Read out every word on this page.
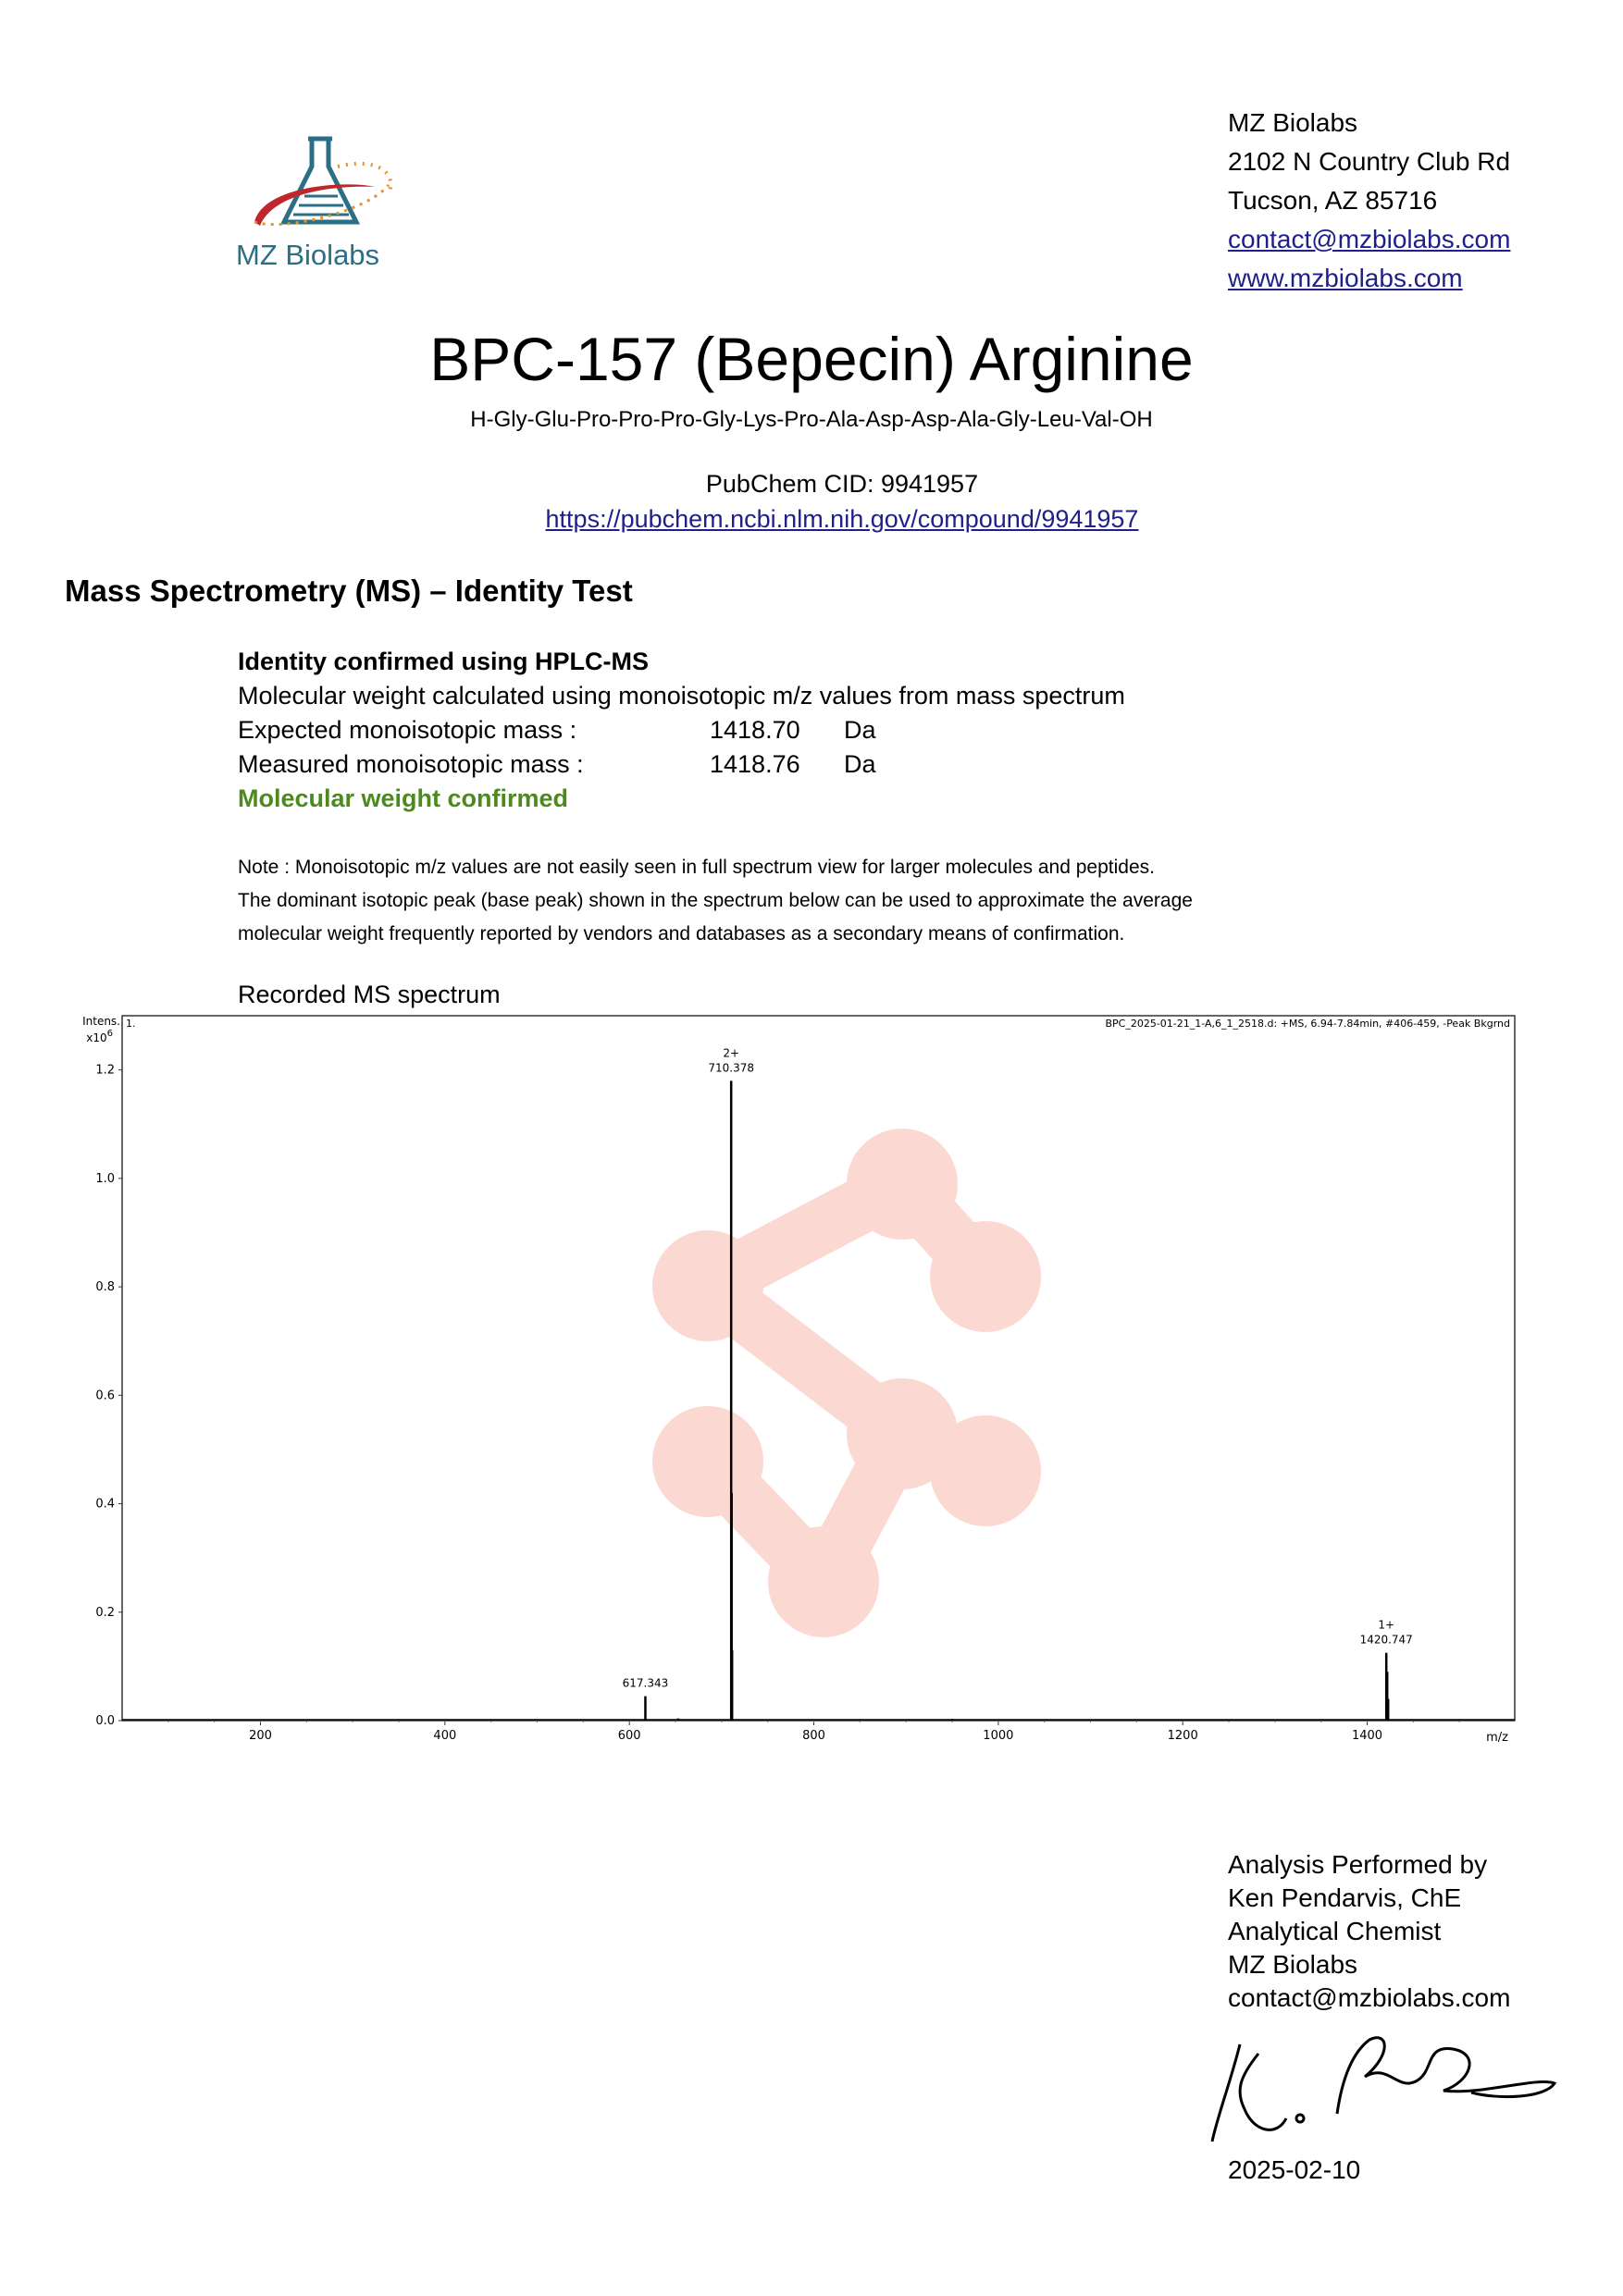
MZ Biolabs
MZ Biolabs
2102 N Country Club Rd
Tucson, AZ 85716
contact@mzbiolabs.com
www.mzbiolabs.com
BPC-157 (Bepecin) Arginine
H-Gly-Glu-Pro-Pro-Pro-Gly-Lys-Pro-Ala-Asp-Asp-Ala-Gly-Leu-Val-OH
PubChem CID: 9941957
https://pubchem.ncbi.nlm.nih.gov/compound/9941957
Mass Spectrometry (MS) – Identity Test
Identity confirmed using HPLC-MS
Molecular weight calculated using monoisotopic m/z values from mass spectrum
Expected monoisotopic mass :	1418.70 Da
Measured monoisotopic mass :	1418.76 Da
Molecular weight confirmed
Note : Monoisotopic m/z values are not easily seen in full spectrum view for larger molecules and peptides.
The dominant isotopic peak (base peak) shown in the spectrum below can be used to approximate the average
molecular weight frequently reported by vendors and databases as a secondary means of confirmation.
Recorded MS spectrum
1.	BPC_2025-01-21_1-A,6_1_2518.d: +MS, 6.94-7.84min, #406-459, -Peak Bkgrnd
Intens.
$x10^6$
m/z
200	400	600	800	1000	1200	1400
0.0
0.2
0.4
0.6
0.8
1.0
1.2
617.343
2+
710.378
1+
1420.747
Analysis Performed by
Ken Pendarvis, ChE
Analytical Chemist
MZ Biolabs
contact@mzbiolabs.com
2025-02-10
